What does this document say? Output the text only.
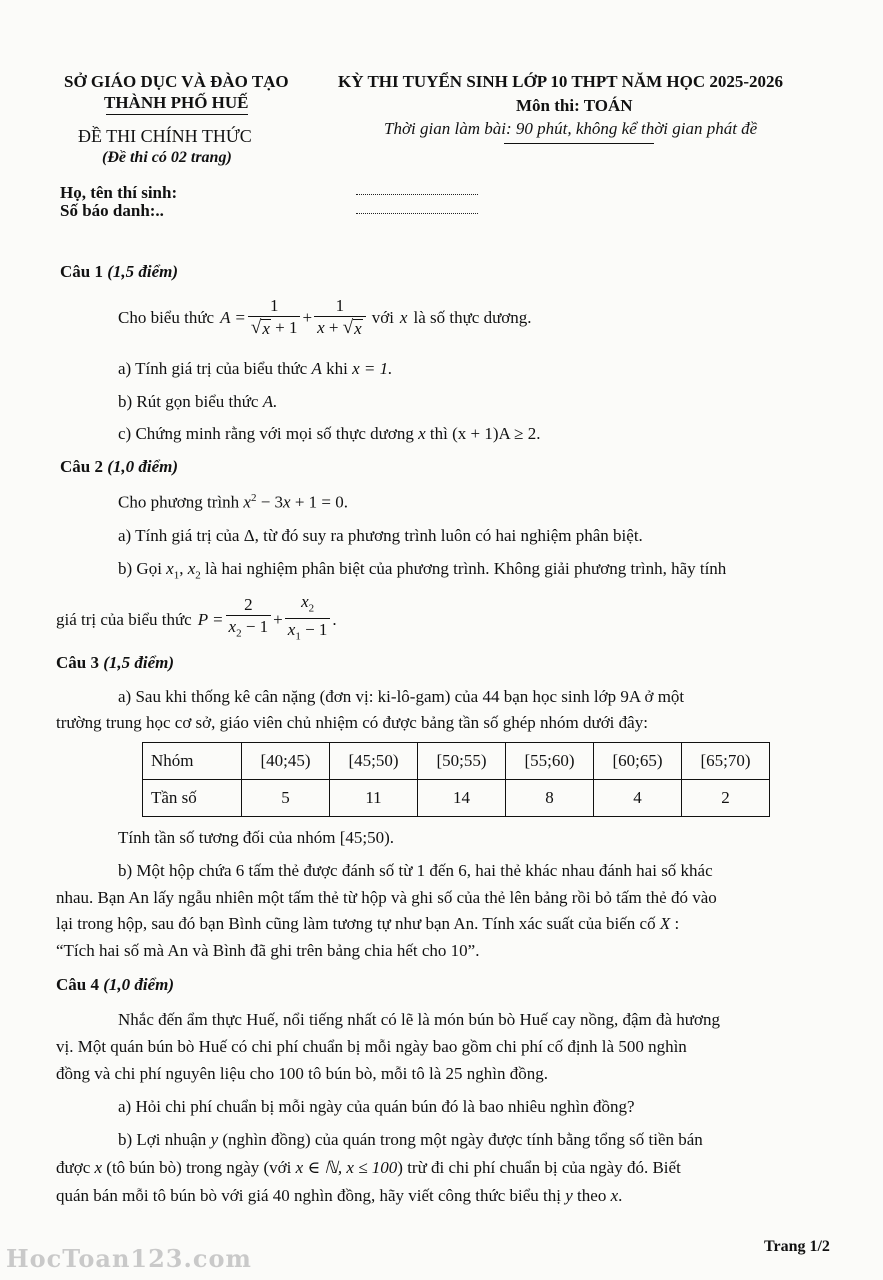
SỞ GIÁO DỤC VÀ ĐÀO TẠO
THÀNH PHỐ HUẾ
ĐỀ THI CHÍNH THỨC
(Đề thi có 02 trang)
KỲ THI TUYỂN SINH LỚP 10 THPT NĂM HỌC 2025-2026
Môn thi: TOÁN
Thời gian làm bài: 90 phút, không kể thời gian phát đề
Họ, tên thí sinh:
Số báo danh:..
Câu 1 (1,5 điểm)
Cho biểu thức $A = \frac{1}{√ x + 1} + \frac{1}{x + √ x}$ với x là số thực dương.
a) Tính giá trị của biểu thức A khi x = 1.
b) Rút gọn biểu thức A.
c) Chứng minh rằng với mọi số thực dương x thì (x + 1)A ≥ 2.
Câu 2 (1,0 điểm)
Cho phương trình $x^2 - 3x + 1 = 0$.
a) Tính giá trị của Δ, từ đó suy ra phương trình luôn có hai nghiệm phân biệt.
b) Gọi $x_1$, $x_2$ là hai nghiệm phân biệt của phương trình. Không giải phương trình, hãy tính
giá trị của biểu thức $P = \frac{2}{x_2 - 1} + \frac{x_2}{x_1 - 1}$ .
Câu 3 (1,5 điểm)
a) Sau khi thống kê cân nặng (đơn vị: ki-lô-gam) của 44 bạn học sinh lớp 9A ở một
trường trung học cơ sở, giáo viên chủ nhiệm có được bảng tần số ghép nhóm dưới đây:
Nhóm	[40;45)	[45;50)	[50;55)	[55;60)	[60;65)	[65;70)
Tần số	5	11	14	8	4	2
Tính tần số tương đối của nhóm [45;50).
b) Một hộp chứa 6 tấm thẻ được đánh số từ 1 đến 6, hai thẻ khác nhau đánh hai số khác
nhau. Bạn An lấy ngẫu nhiên một tấm thẻ từ hộp và ghi số của thẻ lên bảng rồi bỏ tấm thẻ đó vào
lại trong hộp, sau đó bạn Bình cũng làm tương tự như bạn An. Tính xác suất của biến cố X :
“Tích hai số mà An và Bình đã ghi trên bảng chia hết cho 10”.
Câu 4 (1,0 điểm)
Nhắc đến ẩm thực Huế, nổi tiếng nhất có lẽ là món bún bò Huế cay nồng, đậm đà hương
vị. Một quán bún bò Huế có chi phí chuẩn bị mỗi ngày bao gồm chi phí cố định là 500 nghìn
đồng và chi phí nguyên liệu cho 100 tô bún bò, mỗi tô là 25 nghìn đồng.
a) Hỏi chi phí chuẩn bị mỗi ngày của quán bún đó là bao nhiêu nghìn đồng?
b) Lợi nhuận y (nghìn đồng) của quán trong một ngày được tính bằng tổng số tiền bán
được x (tô bún bò) trong ngày (với x ∈ ℕ, x ≤ 100) trừ đi chi phí chuẩn bị của ngày đó. Biết
quán bán mỗi tô bún bò với giá 40 nghìn đồng, hãy viết công thức biểu thị y theo x.
Trang 1/2
HocToan123.com
